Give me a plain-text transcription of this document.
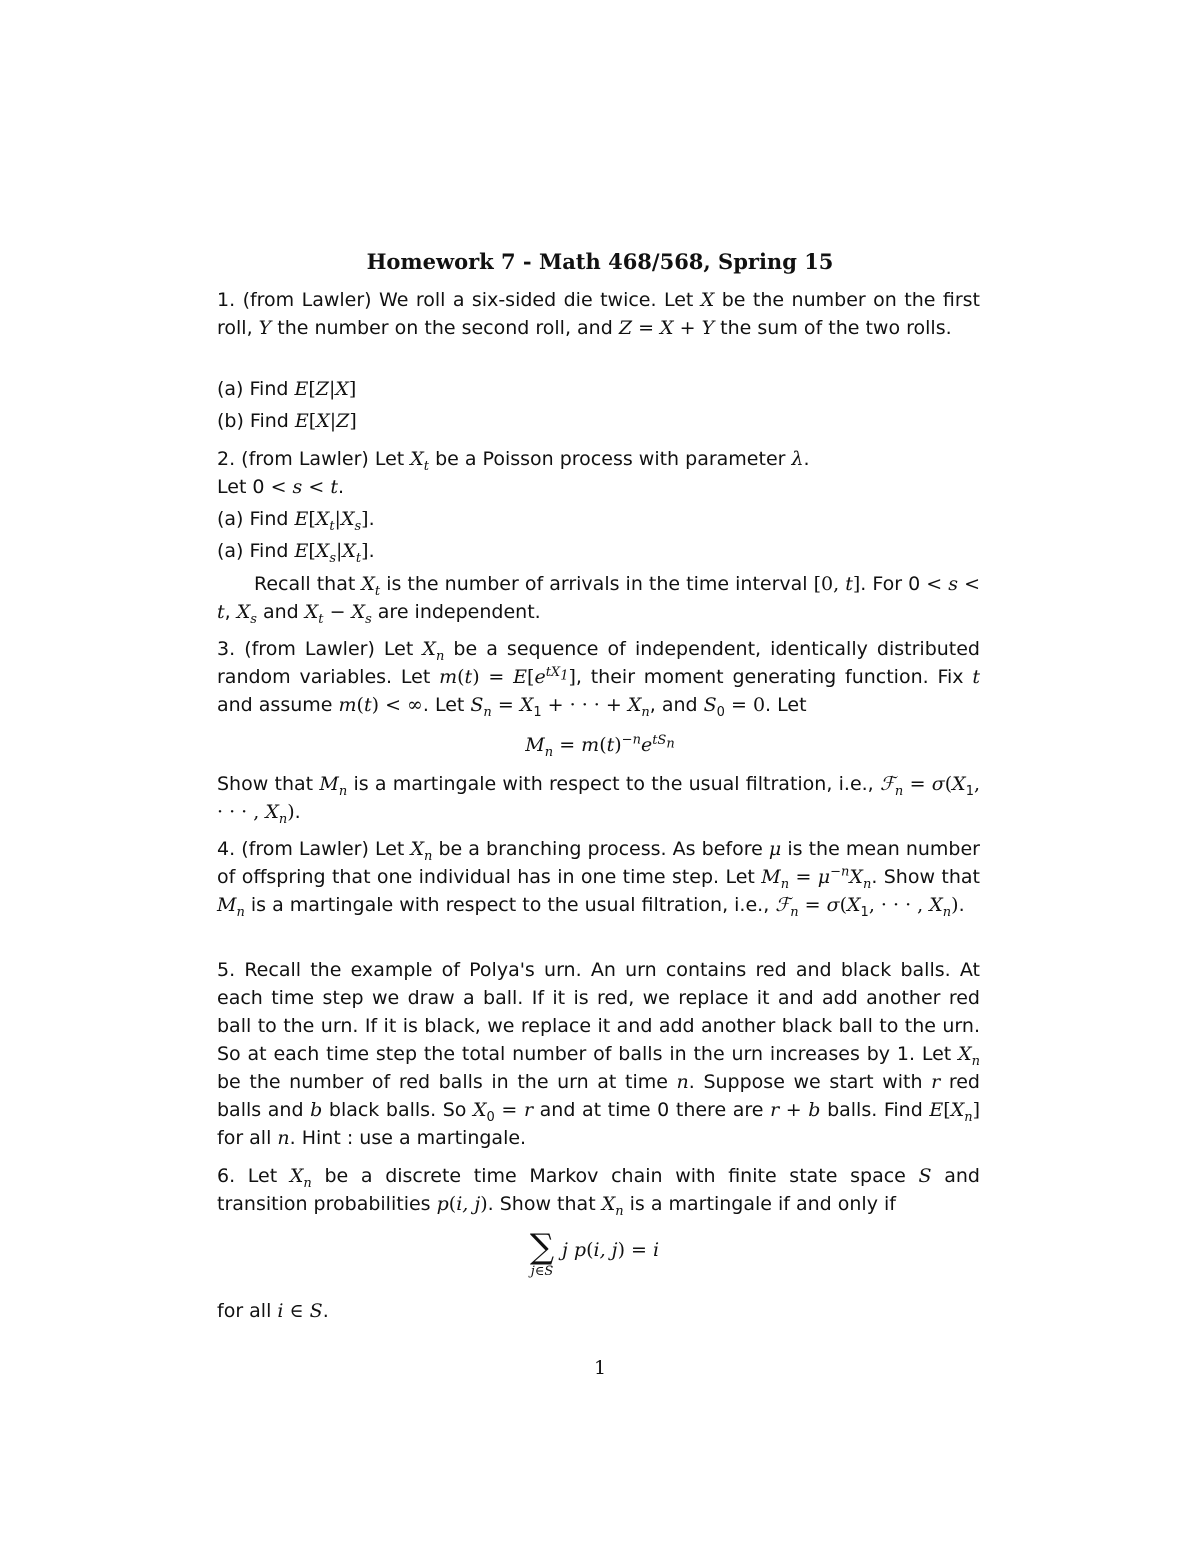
Homework 7 - Math 468/568, Spring 15
1. (from Lawler) We roll a six-sided die twice. Let X be the number on the first roll, Y the number on the second roll, and Z = X + Y the sum of the two rolls.
(a) Find E[Z|X]
(b) Find E[X|Z]
2. (from Lawler) Let $X_t$ be a Poisson process with parameter λ.
Let 0 < s < t.
(a) Find $E[X_t|X_s]$.
(a) Find $E[X_s|X_t]$.
Recall that $X_t$ is the number of arrivals in the time interval [0, t]. For 0 < s < t, $X_s$ and $X_t - X_s$ are independent.
3. (from Lawler) Let $X_n$ be a sequence of independent, identically distributed random variables. Let $m(t) = E[e^{tX_1}]$, their moment generating function. Fix t and assume m(t) < ∞. Let $S_n = X_1$ + · · · + $X_n$, and $S_0 = 0$. Let
$M_n = m(t)^{-n}e^{tS_n}$
Show that $M_n$ is a martingale with respect to the usual filtration, i.e., ℱ$_n$ = $\sigma(X_1$, · · · , $X_n$).
4. (from Lawler) Let $X_n$ be a branching process. As before μ is the mean number of offspring that one individual has in one time step. Let $M_n = \mu^{-n}X_n$. Show that $M_n$ is a martingale with respect to the usual filtration, i.e., ℱ$_n$ = $\sigma(X_1$, · · · , $X_n$).
5. Recall the example of Polya's urn. An urn contains red and black balls. At each time step we draw a ball. If it is red, we replace it and add another red ball to the urn. If it is black, we replace it and add another black ball to the urn. So at each time step the total number of balls in the urn increases by 1. Let $X_n$ be the number of red balls in the urn at time n. Suppose we start with r red balls and b black balls. So $X_0 = r$ and at time 0 there are r + b balls. Find $E[X_n]$ for all n. Hint : use a martingale.
6. Let $X_n$ be a discrete time Markov chain with finite state space S and transition probabilities p(i, j). Show that $X_n$ is a martingale if and only if
∑
j∈S
j p(i, j) = i
for all i ∈ S.
1
